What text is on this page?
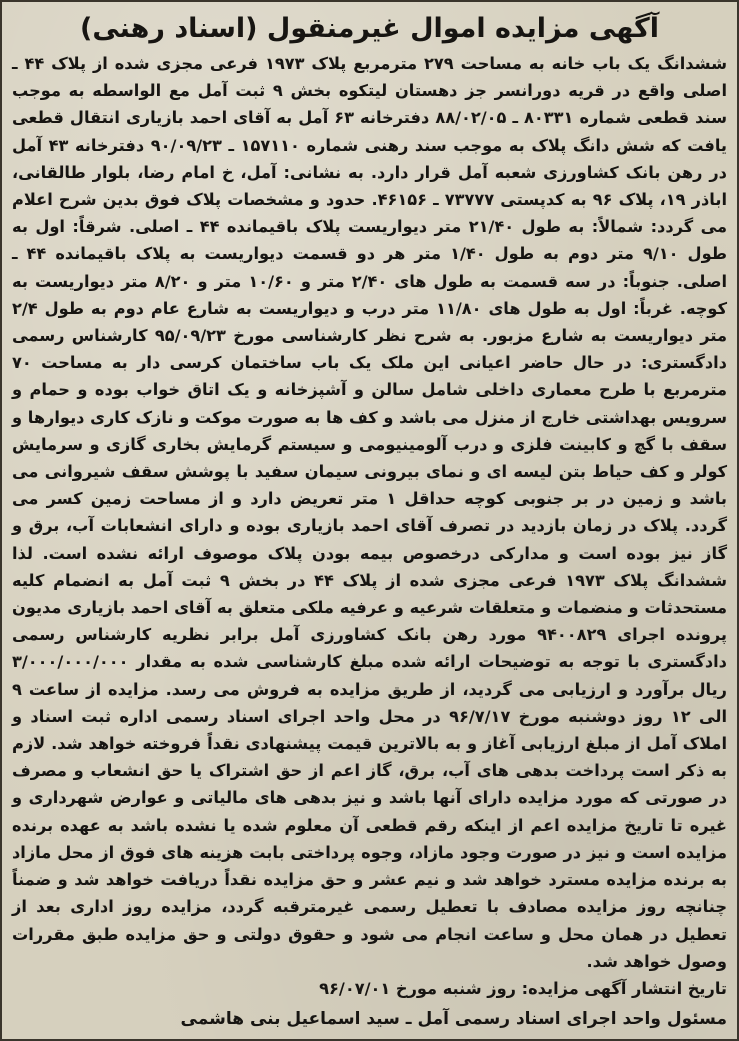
آگهی مزایده اموال غیرمنقول (اسناد رهنی)

ششدانگ یک باب خانه به مساحت ۲۷۹ مترمربع پلاک ۱۹۷۳ فرعی مجزی شده از پلاک ۴۴ ـ اصلی واقع در قریه دورانسر جز دهستان لیتکوه بخش ۹ ثبت آمل مع الواسطه به موجب سند قطعی شماره ۸۰۳۳۱ ـ ۸۸/۰۲/۰۵ دفترخانه ۶۳ آمل به آقای احمد بازیاری انتقال قطعی یافت که شش دانگ پلاک به موجب سند رهنی شماره ۱۵۷۱۱۰ ـ ۹۰/۰۹/۲۳ دفترخانه ۴۳ آمل در رهن بانک کشاورزی شعبه آمل قرار دارد. به نشانی: آمل، خ امام رضا، بلوار طالقانی، اباذر ۱۹، پلاک ۹۶ به کدپستی ۷۳۷۷۷ ـ ۴۶۱۵۶. حدود و مشخصات پلاک فوق بدین شرح اعلام می گردد: شمالاً: به طول ۲۱/۴۰ متر دیواریست پلاک باقیمانده ۴۴ ـ اصلی. شرقاً: اول به طول ۹/۱۰ متر دوم به طول ۱/۴۰ متر هر دو قسمت دیواریست به پلاک باقیمانده ۴۴ ـ اصلی. جنوباً: در سه قسمت به طول های ۲/۴۰ متر و ۱۰/۶۰ متر و ۸/۲۰ متر دیواریست به کوچه. غرباً: اول به طول های ۱۱/۸۰ متر درب و دیواریست به شارع عام دوم به طول ۲/۴ متر دیواریست به شارع مزبور. به شرح نظر کارشناسی مورخ ۹۵/۰۹/۲۳ کارشناس رسمی دادگستری: در حال حاضر اعیانی این ملک یک باب ساختمان کرسی دار به مساحت ۷۰ مترمربع با طرح معماری داخلی شامل سالن و آشپزخانه و یک اتاق خواب بوده و حمام و سرویس بهداشتی خارج از منزل می باشد و کف ها به صورت موکت و نازک کاری دیوارها و سقف با گچ و کابینت فلزی و درب آلومینیومی و سیستم گرمایش بخاری گازی و سرمایش کولر و کف حیاط بتن لیسه ای و نمای بیرونی سیمان سفید با پوشش سقف شیروانی می باشد و زمین در بر جنوبی کوچه حداقل ۱ متر تعریض دارد و از مساحت زمین کسر می گردد. پلاک در زمان بازدید در تصرف آقای احمد بازیاری بوده و دارای انشعابات آب، برق و گاز نیز بوده است و مدارکی درخصوص بیمه بودن پلاک موصوف ارائه نشده است. لذا ششدانگ پلاک ۱۹۷۳ فرعی مجزی شده از پلاک ۴۴ در بخش ۹ ثبت آمل به انضمام کلیه مستحدثات و منضمات و متعلقات شرعیه و عرفیه ملکی متعلق به آقای احمد بازیاری مدیون پرونده اجرای ۹۴۰۰۸۲۹ مورد رهن بانک کشاورزی آمل برابر نظریه کارشناس رسمی دادگستری با توجه به توضیحات ارائه شده مبلغ کارشناسی شده به مقدار ۳/۰۰۰/۰۰۰/۰۰۰ ریال برآورد و ارزیابی می گردید، از طریق مزایده به فروش می رسد. مزایده از ساعت ۹ الی ۱۲ روز دوشنبه مورخ ۹۶/۷/۱۷ در محل واحد اجرای اسناد رسمی اداره ثبت اسناد و املاک آمل از مبلغ ارزیابی آغاز و به بالاترین قیمت پیشنهادی نقداً فروخته خواهد شد. لازم به ذکر است پرداخت بدهی های آب، برق، گاز اعم از حق اشتراک یا حق انشعاب و مصرف در صورتی که مورد مزایده دارای آنها باشد و نیز بدهی های مالیاتی و عوارض شهرداری و غیره تا تاریخ مزایده اعم از اینکه رقم قطعی آن معلوم شده یا نشده باشد به عهده برنده مزایده است و نیز در صورت وجود مازاد، وجوه پرداختی بابت هزینه های فوق از محل مازاد به برنده مزایده مسترد خواهد شد و نیم عشر و حق مزایده نقداً دریافت خواهد شد و ضمناً چنانچه روز مزایده مصادف با تعطیل رسمی غیرمترقبه گردد، مزایده روز اداری بعد از تعطیل در همان محل و ساعت انجام می شود و حقوق دولتی و حق مزایده طبق مقررات وصول خواهد شد.

تاریخ انتشار آگهی مزایده: روز شنبه مورخ ۹۶/۰۷/۰۱
مسئول واحد اجرای اسناد رسمی آمل ـ سید اسماعیل بنی هاشمی
